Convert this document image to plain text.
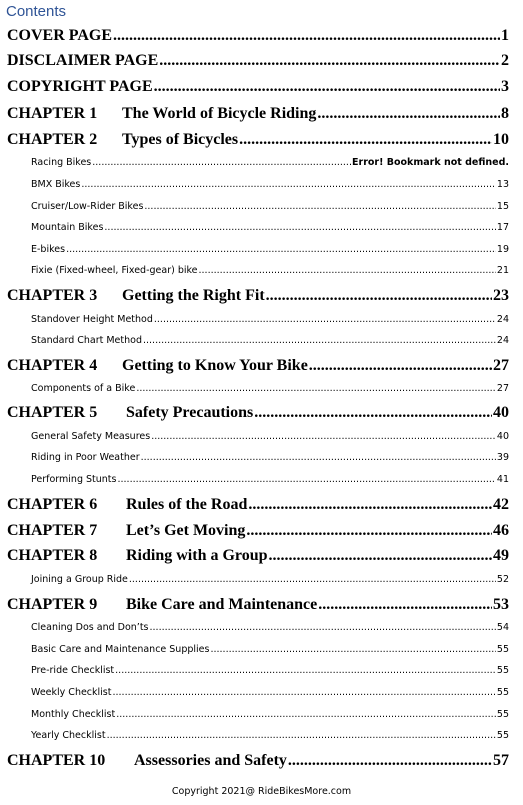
Contents
COVER PAGE .....	1
DISCLAIMER PAGE .....	2
COPYRIGHT PAGE .....	3
CHAPTER 1	The World of Bicycle Riding .....	8
CHAPTER 2	Types of Bicycles .....	10
Racing Bikes .....	Error! Bookmark not defined.
BMX Bikes .....	13
Cruiser/Low-Rider Bikes .....	15
Mountain Bikes .....	17
E-bikes .....	19
Fixie (Fixed-wheel, Fixed-gear) bike .....	21
CHAPTER 3	Getting the Right Fit .....	23
Standover Height Method .....	24
Standard Chart Method .....	24
CHAPTER 4	Getting to Know Your Bike .....	27
Components of a Bike .....	27
CHAPTER 5	Safety Precautions .....	40
General Safety Measures .....	40
Riding in Poor Weather .....	39
Performing Stunts .....	41
CHAPTER 6	Rules of the Road .....	42
CHAPTER 7	Let’s Get Moving .....	46
CHAPTER 8	Riding with a Group .....	49
Joining a Group Ride .....	52
CHAPTER 9	Bike Care and Maintenance .....	53
Cleaning Dos and Don’ts .....	54
Basic Care and Maintenance Supplies .....	55
Pre-ride Checklist .....	55
Weekly Checklist .....	55
Monthly Checklist .....	55
Yearly Checklist .....	55
CHAPTER 10	Assessories and Safety .....	57
Copyright 2021@ RideBikesMore.com
